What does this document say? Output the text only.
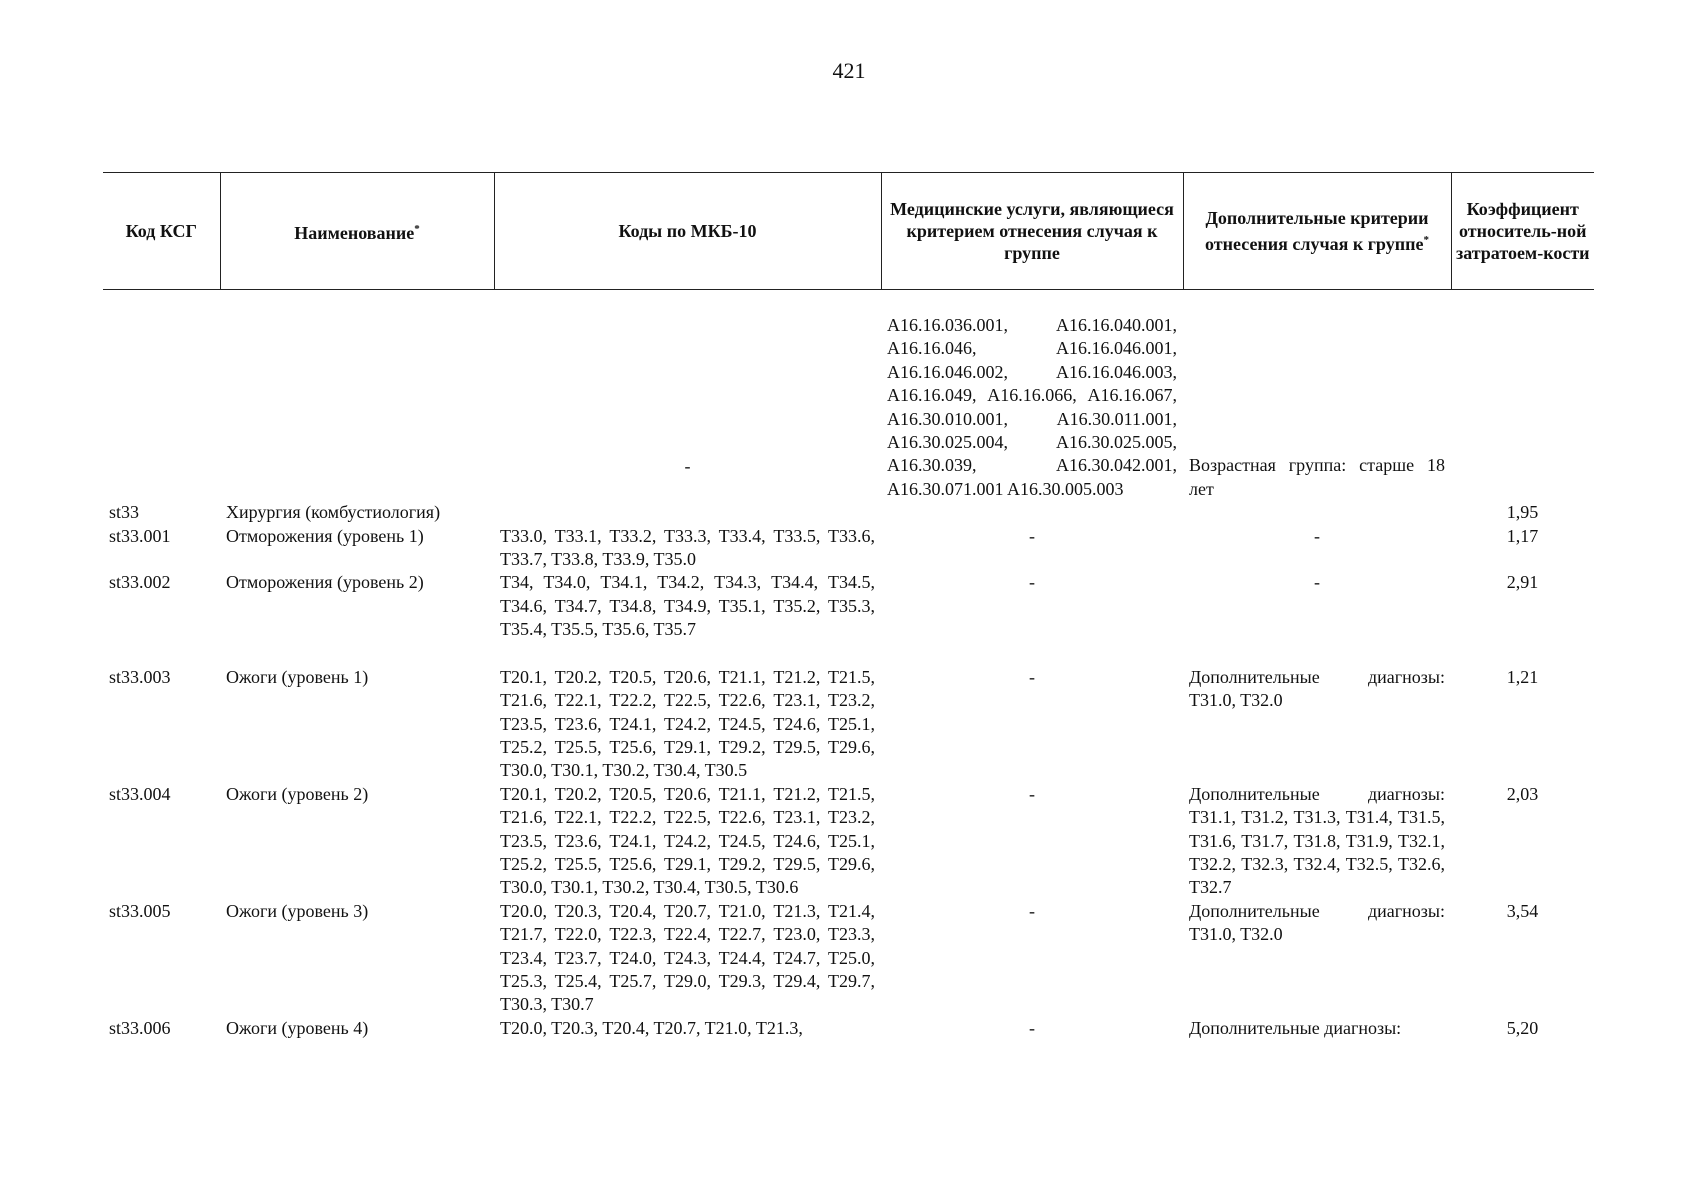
421
Код КСГ	Наименование*	Коды по МКБ-10	Медицинские услуги, являющиеся критерием отнесения случая к группе	Дополнительные критерии отнесения случая к группе*	Коэффициент относитель-ной затратоем-кости

		-	A16.16.036.001, A16.16.040.001, A16.16.046, A16.16.046.001, A16.16.046.002, A16.16.046.003, A16.16.049, A16.16.066, A16.16.067, A16.30.010.001, A16.30.011.001, A16.30.025.004, A16.30.025.005, A16.30.039, A16.30.042.001, A16.30.071.001 A16.30.005.003	Возрастная группа: старше 18 лет	

st33	Хирургия (комбустиология)				1,95
st33.001	Отморожения (уровень 1)	T33.0, T33.1, T33.2, T33.3, T33.4, T33.5, T33.6, T33.7, T33.8, T33.9, T35.0	-	-	1,17
st33.002	Отморожения (уровень 2)	T34, T34.0, T34.1, T34.2, T34.3, T34.4, T34.5, T34.6, T34.7, T34.8, T34.9, T35.1, T35.2, T35.3, T35.4, T35.5, T35.6, T35.7	-	-	2,91
st33.003	Ожоги (уровень 1)	T20.1, T20.2, T20.5, T20.6, T21.1, T21.2, T21.5, T21.6, T22.1, T22.2, T22.5, T22.6, T23.1, T23.2, T23.5, T23.6, T24.1, T24.2, T24.5, T24.6, T25.1, T25.2, T25.5, T25.6, T29.1, T29.2, T29.5, T29.6, T30.0, T30.1, T30.2, T30.4, T30.5	-	Дополнительные диагнозы: T31.0, T32.0	1,21
st33.004	Ожоги (уровень 2)	T20.1, T20.2, T20.5, T20.6, T21.1, T21.2, T21.5, T21.6, T22.1, T22.2, T22.5, T22.6, T23.1, T23.2, T23.5, T23.6, T24.1, T24.2, T24.5, T24.6, T25.1, T25.2, T25.5, T25.6, T29.1, T29.2, T29.5, T29.6, T30.0, T30.1, T30.2, T30.4, T30.5, T30.6	-	Дополнительные диагнозы: T31.1, T31.2, T31.3, T31.4, T31.5, T31.6, T31.7, T31.8, T31.9, T32.1, T32.2, T32.3, T32.4, T32.5, T32.6, T32.7	2,03
st33.005	Ожоги (уровень 3)	T20.0, T20.3, T20.4, T20.7, T21.0, T21.3, T21.4, T21.7, T22.0, T22.3, T22.4, T22.7, T23.0, T23.3, T23.4, T23.7, T24.0, T24.3, T24.4, T24.7, T25.0, T25.3, T25.4, T25.7, T29.0, T29.3, T29.4, T29.7, T30.3, T30.7	-	Дополнительные диагнозы: T31.0, T32.0	3,54
st33.006	Ожоги (уровень 4)	T20.0, T20.3, T20.4, T20.7, T21.0, T21.3,	-	Дополнительные диагнозы:	5,20
